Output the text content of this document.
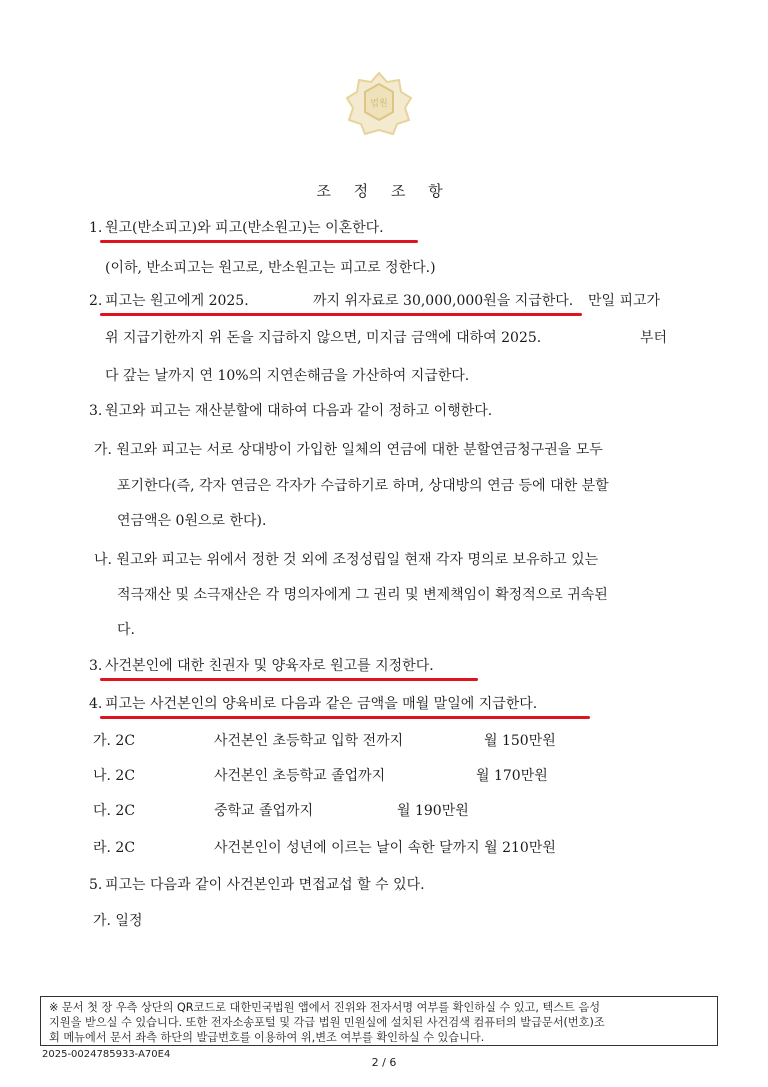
법원
조 정 조 항
1. 원고(반소피고)와 피고(반소원고)는 이혼한다.
(이하, 반소피고는 원고로, 반소원고는 피고로 정한다.)
2. 피고는 원고에게 2025.	까지 위자료로 30,000,000원을 지급한다. 만일 피고가
위 지급기한까지 위 돈을 지급하지 않으면, 미지급 금액에 대하여 2025.	부터
다 갚는 날까지 연 10%의 지연손해금을 가산하여 지급한다.
3. 원고와 피고는 재산분할에 대하여 다음과 같이 정하고 이행한다.
가. 원고와 피고는 서로 상대방이 가입한 일체의 연금에 대한 분할연금청구권을 모두
포기한다(즉, 각자 연금은 각자가 수급하기로 하며, 상대방의 연금 등에 대한 분할
연금액은 0원으로 한다).
나. 원고와 피고는 위에서 정한 것 외에 조정성립일 현재 각자 명의로 보유하고 있는
적극재산 및 소극재산은 각 명의자에게 그 권리 및 변제책임이 확정적으로 귀속된
다.
3. 사건본인에 대한 친권자 및 양육자로 원고를 지정한다.
4. 피고는 사건본인의 양육비로 다음과 같은 금액을 매월 말일에 지급한다.
가. 2C	사건본인 초등학교 입학 전까지	월 150만원
나. 2C	사건본인 초등학교 졸업까지	월 170만원
다. 2C	중학교 졸업까지	월 190만원
라. 2C	사건본인이 성년에 이르는 날이 속한 달까지 월 210만원
5. 피고는 다음과 같이 사건본인과 면접교섭 할 수 있다.
가. 일정
※ 문서 첫 장 우측 상단의 QR코드로 대한민국법원 앱에서 진위와 전자서명 여부를 확인하실 수 있고, 텍스트 음성
지원을 받으실 수 있습니다. 또한 전자소송포털 및 각급 법원 민원실에 설치된 사건검색 컴퓨터의 발급문서(번호)조
회 메뉴에서 문서 좌측 하단의 발급번호를 이용하여 위,변조 여부를 확인하실 수 있습니다.
2025-0024785933-A70E4
2 / 6
